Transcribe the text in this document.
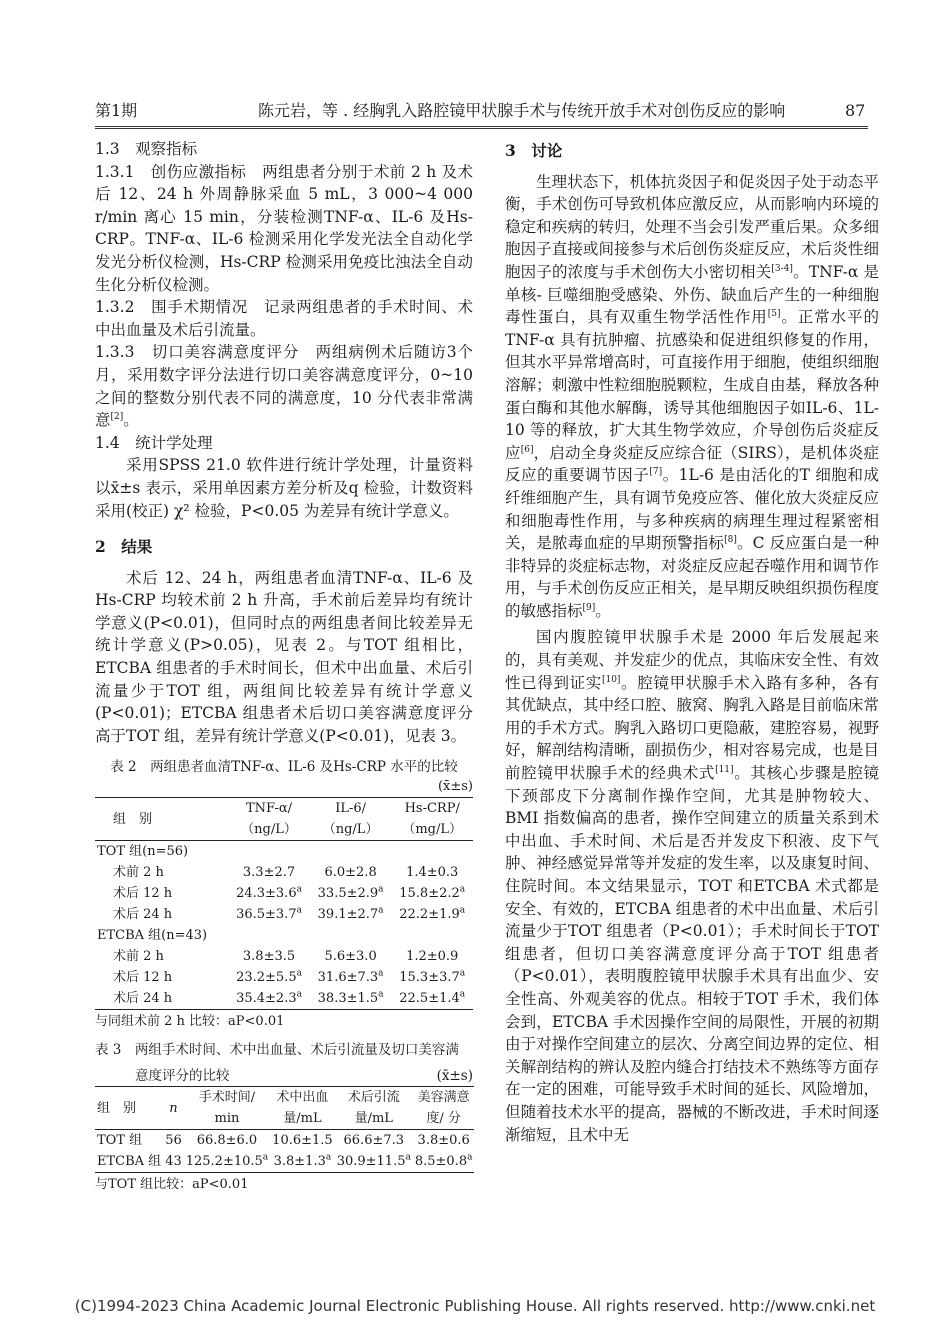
第1期	陈元岩，等 . 经胸乳入路腔镜甲状腺手术与传统开放手术对创伤反应的影响	87

1.3　观察指标

1.3.1　创伤应激指标　两组患者分别于术前 2 h 及术后 12、24 h 外周静脉采血 5 mL，3 000~4 000 r/min 离心 15 min，分装检测TNF-α、IL-6 及Hs-CRP。TNF-α、IL-6 检测采用化学发光法全自动化学发光分析仪检测，Hs-CRP 检测采用免疫比浊法全自动生化分析仪检测。

1.3.2　围手术期情况　记录两组患者的手术时间、术中出血量及术后引流量。

1.3.3　切口美容满意度评分　两组病例术后随访3个月，采用数字评分法进行切口美容满意度评分，0~10 之间的整数分别代表不同的满意度，10 分代表非常满意[2]。

1.4　统计学处理

采用SPSS 21.0 软件进行统计学处理，计量资料以x̄±s 表示，采用单因素方差分析及q 检验，计数资料采用(校正) χ² 检验，P<0.05 为差异有统计学意义。

2　结果

术后 12、24 h，两组患者血清TNF-α、IL-6 及Hs-CRP 均较术前 2 h 升高，手术前后差异均有统计学意义(P<0.01)，但同时点的两组患者间比较差异无统计学意义(P>0.05)，见表 2。与TOT 组相比，ETCBA 组患者的手术时间长，但术中出血量、术后引流量少于TOT 组，两组间比较差异有统计学意义(P<0.01)；ETCBA 组患者术后切口美容满意度评分高于TOT 组，差异有统计学意义(P<0.01)，见表 3。

表 2　两组患者血清TNF-α、IL-6 及Hs-CRP 水平的比较

(x̄±s)

组　别	TNF-α/	IL-6/	Hs-CRP/
	（ng/L）	（ng/L）	（mg/L）
TOT 组(n=56)			
术前 2 h	3.3±2.7	6.0±2.8	1.4±0.3
术后 12 h	24.3±3.6$^a$	33.5±2.9$^a$	15.8±2.2$^a$
术后 24 h	36.5±3.7$^a$	39.1±2.7$^a$	22.2±1.9$^a$
ETCBA 组(n=43)			
术前 2 h	3.8±3.5	5.6±3.0	1.2±0.9
术后 12 h	23.2±5.5$^a$	31.6±7.3$^a$	15.3±3.7$^a$
术后 24 h	35.4±2.3$^a$	38.3±1.5$^a$	22.5±1.4$^a$

与同组术前 2 h 比较：aP<0.01

表 3　两组手术时间、术中出血量、术后引流量及切口美容满

意度评分的比较	(x̄±s)

组　别	n	手术时间/	术中出血	术后引流	美容满意
		min	量/mL	量/mL	度/ 分
TOT 组	56	66.8±6.0	10.6±1.5	66.6±7.3	3.8±0.6
ETCBA 组	43	125.2±10.5$^a$	3.8±1.3$^a$	30.9±11.5$^a$	8.5±0.8$^a$

与TOT 组比较：aP<0.01

3　讨论

生理状态下，机体抗炎因子和促炎因子处于动态平衡，手术创伤可导致机体应激反应，从而影响内环境的稳定和疾病的转归，处理不当会引发严重后果。众多细胞因子直接或间接参与术后创伤炎症反应，术后炎性细胞因子的浓度与手术创伤大小密切相关[3-4]。TNF-α 是单核- 巨噬细胞受感染、外伤、缺血后产生的一种细胞毒性蛋白，具有双重生物学活性作用[5]。正常水平的TNF-α 具有抗肿瘤、抗感染和促进组织修复的作用，但其水平异常增高时，可直接作用于细胞，使组织细胞溶解；刺激中性粒细胞脱颗粒，生成自由基，释放各种蛋白酶和其他水解酶，诱导其他细胞因子如IL-6、1L-10 等的释放，扩大其生物学效应，介导创伤后炎症反应[6]，启动全身炎症反应综合征（SIRS），是机体炎症反应的重要调节因子[7]。1L-6 是由活化的T 细胞和成纤维细胞产生，具有调节免疫应答、催化放大炎症反应和细胞毒性作用，与多种疾病的病理生理过程紧密相关，是脓毒血症的早期预警指标[8]。C 反应蛋白是一种非特异的炎症标志物，对炎症反应起吞噬作用和调节作用，与手术创伤反应正相关，是早期反映组织损伤程度的敏感指标[9]。

国内腹腔镜甲状腺手术是 2000 年后发展起来的，具有美观、并发症少的优点，其临床安全性、有效性已得到证实[10]。腔镜甲状腺手术入路有多种，各有其优缺点，其中经口腔、腋窝、胸乳入路是目前临床常用的手术方式。胸乳入路切口更隐蔽，建腔容易，视野好，解剖结构清晰，副损伤少，相对容易完成，也是目前腔镜甲状腺手术的经典术式[11]。其核心步骤是腔镜下颈部皮下分离制作操作空间，尤其是肿物较大、BMI 指数偏高的患者，操作空间建立的质量关系到术中出血、手术时间、术后是否并发皮下积液、皮下气肿、神经感觉异常等并发症的发生率，以及康复时间、住院时间。本文结果显示，TOT 和ETCBA 术式都是安全、有效的，ETCBA 组患者的术中出血量、术后引流量少于TOT 组患者（P<0.01）；手术时间长于TOT 组患者，但切口美容满意度评分高于TOT 组患者（P<0.01），表明腹腔镜甲状腺手术具有出血少、安全性高、外观美容的优点。相较于TOT 手术，我们体会到，ETCBA 手术因操作空间的局限性，开展的初期由于对操作空间建立的层次、分离空间边界的定位、相关解剖结构的辨认及腔内缝合打结技术不熟练等方面存在一定的困难，可能导致手术时间的延长、风险增加，但随着技术水平的提高，器械的不断改进，手术时间逐渐缩短，且术中无

(C)1994-2023 China Academic Journal Electronic Publishing House. All rights reserved. http://www.cnki.net
